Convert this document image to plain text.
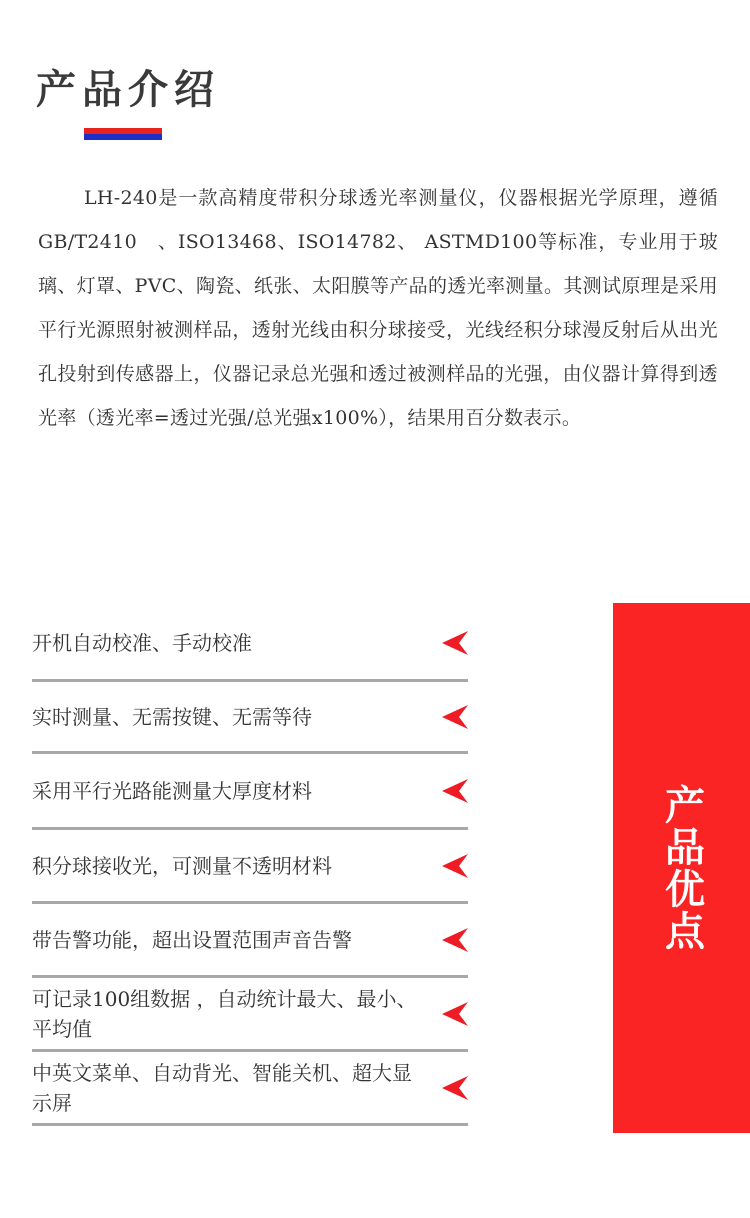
产品介绍

LH-240是一款高精度带积分球透光率测量仪，仪器根据光学原理，遵循GB/T2410　、ISO13468、ISO14782、 ASTMD100等标准，专业用于玻璃、灯罩、PVC、陶瓷、纸张、太阳膜等产品的透光率测量。其测试原理是采用平行光源照射被测样品，透射光线由积分球接受，光线经积分球漫反射后从出光孔投射到传感器上，仪器记录总光强和透过被测样品的光强，由仪器计算得到透光率（透光率=透过光强/总光强x100%），结果用百分数表示。

开机自动校准、手动校准
实时测量、无需按键、无需等待
采用平行光路能测量大厚度材料
积分球接收光，可测量不透明材料
带告警功能，超出设置范围声音告警
可记录100组数据 ，自动统计最大、最小、平均值
中英文菜单、自动背光、智能关机、超大显示屏
产品优点
